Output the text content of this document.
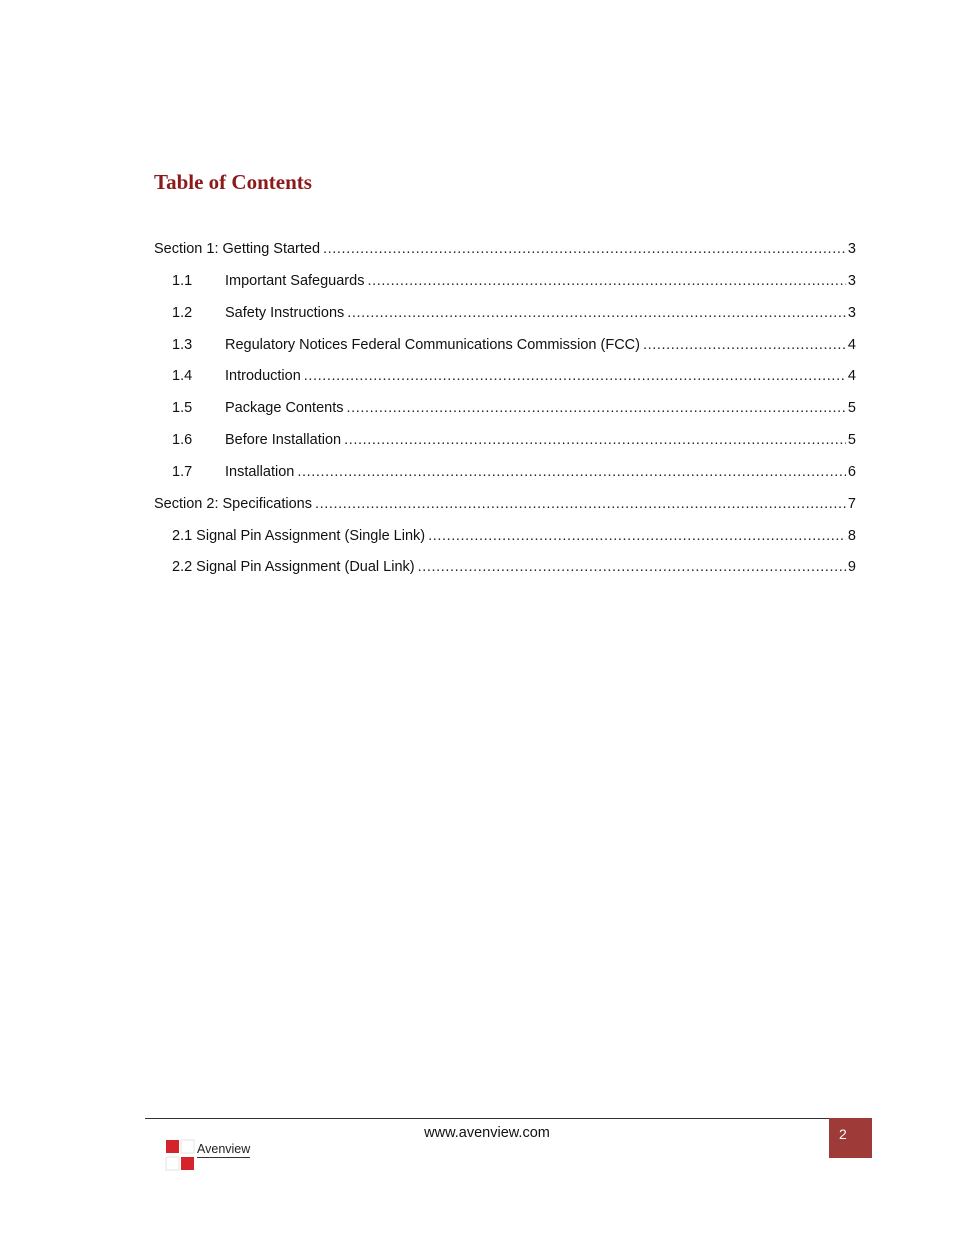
Table of Contents
Section 1: Getting Started .....	3
1.1	Important Safeguards .....	3
1.2	Safety Instructions .....	3
1.3	Regulatory Notices Federal Communications Commission (FCC) .....	4
1.4	Introduction .....	4
1.5	Package Contents .....	5
1.6	Before Installation .....	5
1.7	Installation .....	6
Section 2: Specifications .....	7
2.1 Signal Pin Assignment (Single Link) .....	8
2.2 Signal Pin Assignment (Dual Link) .....	9
Avenview
www.avenview.com	2
